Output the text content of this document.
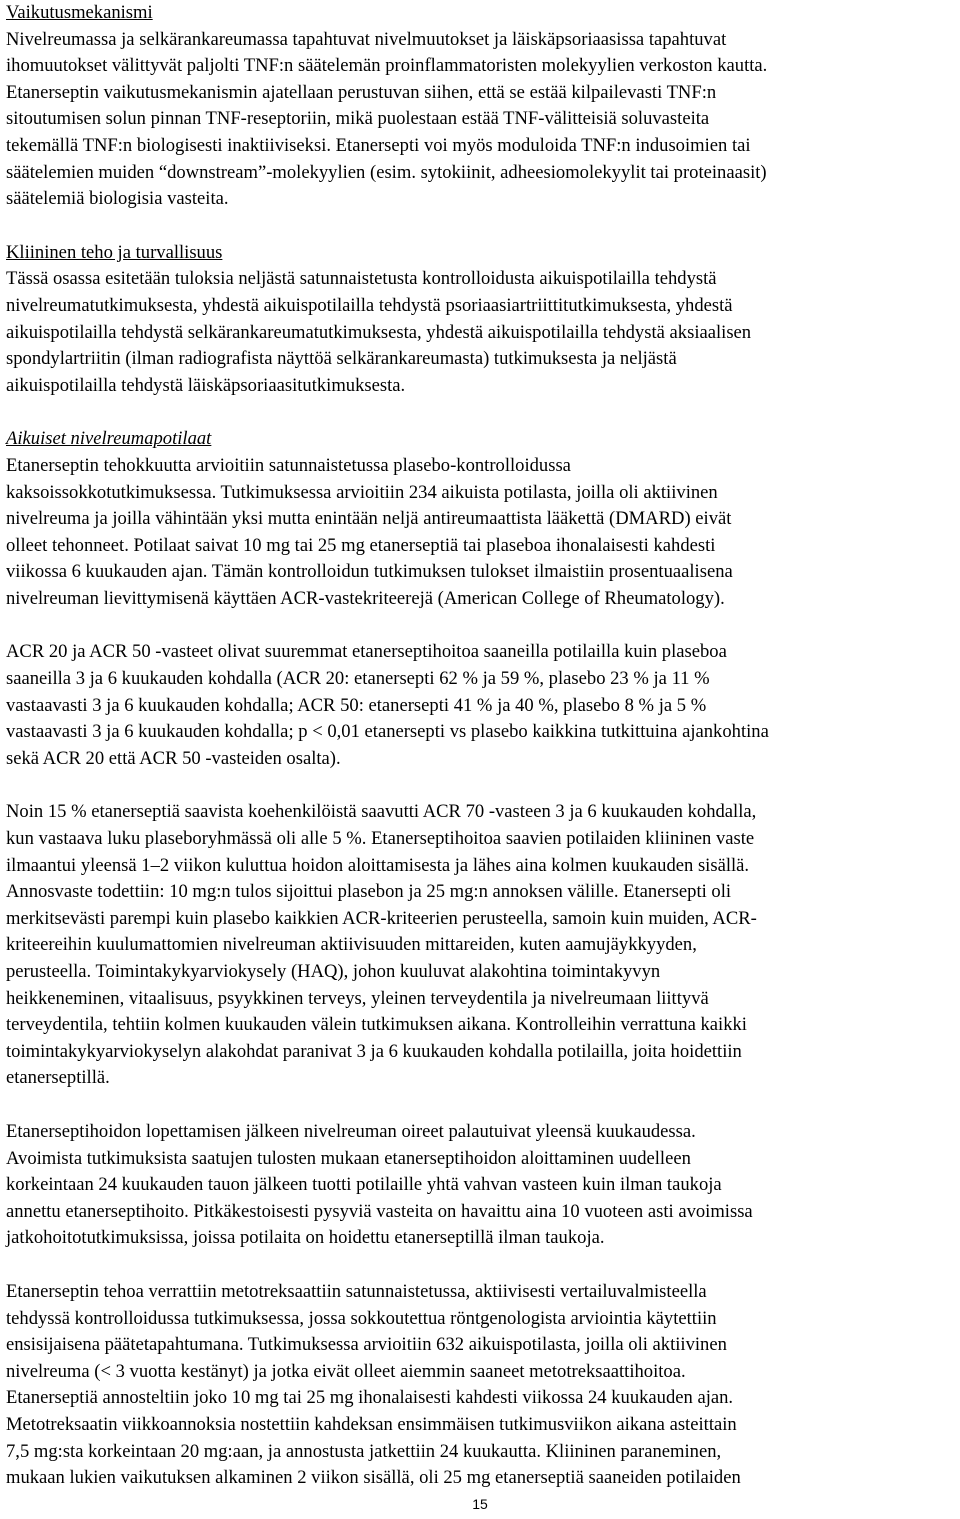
Vaikutusmekanismi

Nivelreumassa ja selkärankareumassa tapahtuvat nivelmuutokset ja läiskäpsoriaasissa tapahtuvat

ihomuutokset välittyvät paljolti TNF:n säätelemän proinflammatoristen molekyylien verkoston kautta.

Etanerseptin vaikutusmekanismin ajatellaan perustuvan siihen, että se estää kilpailevasti TNF:n

sitoutumisen solun pinnan TNF-reseptoriin, mikä puolestaan estää TNF-välitteisiä soluvasteita

tekemällä TNF:n biologisesti inaktiiviseksi. Etanersepti voi myös moduloida TNF:n indusoimien tai

säätelemien muiden “downstream”-molekyylien (esim. sytokiinit, adheesiomolekyylit tai proteinaasit)

säätelemiä biologisia vasteita.

Kliininen teho ja turvallisuus

Tässä osassa esitetään tuloksia neljästä satunnaistetusta kontrolloidusta aikuispotilailla tehdystä

nivelreumatutkimuksesta, yhdestä aikuispotilailla tehdystä psoriaasiartriittitutkimuksesta, yhdestä

aikuispotilailla tehdystä selkärankareumatutkimuksesta, yhdestä aikuispotilailla tehdystä aksiaalisen

spondylartriitin (ilman radiografista näyttöä selkärankareumasta) tutkimuksesta ja neljästä

aikuispotilailla tehdystä läiskäpsoriaasitutkimuksesta.

Aikuiset nivelreumapotilaat

Etanerseptin tehokkuutta arvioitiin satunnaistetussa plasebo-kontrolloidussa

kaksoissokkotutkimuksessa. Tutkimuksessa arvioitiin 234 aikuista potilasta, joilla oli aktiivinen

nivelreuma ja joilla vähintään yksi mutta enintään neljä antireumaattista lääkettä (DMARD) eivät

olleet tehonneet. Potilaat saivat 10 mg tai 25 mg etanerseptiä tai plaseboa ihonalaisesti kahdesti

viikossa 6 kuukauden ajan. Tämän kontrolloidun tutkimuksen tulokset ilmaistiin prosentuaalisena

nivelreuman lievittymisenä käyttäen ACR-vastekriteerejä (American College of Rheumatology).

ACR 20 ja ACR 50 -vasteet olivat suuremmat etanerseptihoitoa saaneilla potilailla kuin plaseboa

saaneilla 3 ja 6 kuukauden kohdalla (ACR 20: etanersepti 62 % ja 59 %, plasebo 23 % ja 11 %

vastaavasti 3 ja 6 kuukauden kohdalla; ACR 50: etanersepti 41 % ja 40 %, plasebo 8 % ja 5 %

vastaavasti 3 ja 6 kuukauden kohdalla; p < 0,01 etanersepti vs plasebo kaikkina tutkittuina ajankohtina

sekä ACR 20 että ACR 50 -vasteiden osalta).

Noin 15 % etanerseptiä saavista koehenkilöistä saavutti ACR 70 -vasteen 3 ja 6 kuukauden kohdalla,

kun vastaava luku plaseboryhmässä oli alle 5 %. Etanerseptihoitoa saavien potilaiden kliininen vaste

ilmaantui yleensä 1–2 viikon kuluttua hoidon aloittamisesta ja lähes aina kolmen kuukauden sisällä.

Annosvaste todettiin: 10 mg:n tulos sijoittui plasebon ja 25 mg:n annoksen välille. Etanersepti oli

merkitsevästi parempi kuin plasebo kaikkien ACR-kriteerien perusteella, samoin kuin muiden, ACR-

kriteereihin kuulumattomien nivelreuman aktiivisuuden mittareiden, kuten aamujäykkyyden,

perusteella. Toimintakykyarviokysely (HAQ), johon kuuluvat alakohtina toimintakyvyn

heikkeneminen, vitaalisuus, psyykkinen terveys, yleinen terveydentila ja nivelreumaan liittyvä

terveydentila, tehtiin kolmen kuukauden välein tutkimuksen aikana. Kontrolleihin verrattuna kaikki

toimintakykyarviokyselyn alakohdat paranivat 3 ja 6 kuukauden kohdalla potilailla, joita hoidettiin

etanerseptillä.

Etanerseptihoidon lopettamisen jälkeen nivelreuman oireet palautuivat yleensä kuukaudessa.

Avoimista tutkimuksista saatujen tulosten mukaan etanerseptihoidon aloittaminen uudelleen

korkeintaan 24 kuukauden tauon jälkeen tuotti potilaille yhtä vahvan vasteen kuin ilman taukoja

annettu etanerseptihoito. Pitkäkestoisesti pysyviä vasteita on havaittu aina 10 vuoteen asti avoimissa

jatkohoitotutkimuksissa, joissa potilaita on hoidettu etanerseptillä ilman taukoja.

Etanerseptin tehoa verrattiin metotreksaattiin satunnaistetussa, aktiivisesti vertailuvalmisteella

tehdyssä kontrolloidussa tutkimuksessa, jossa sokkoutettua röntgenologista arviointia käytettiin

ensisijaisena päätetapahtumana. Tutkimuksessa arvioitiin 632 aikuispotilasta, joilla oli aktiivinen

nivelreuma (< 3 vuotta kestänyt) ja jotka eivät olleet aiemmin saaneet metotreksaattihoitoa.

Etanerseptiä annosteltiin joko 10 mg tai 25 mg ihonalaisesti kahdesti viikossa 24 kuukauden ajan.

Metotreksaatin viikkoannoksia nostettiin kahdeksan ensimmäisen tutkimusviikon aikana asteittain

7,5 mg:sta korkeintaan 20 mg:aan, ja annostusta jatkettiin 24 kuukautta. Kliininen paraneminen,

mukaan lukien vaikutuksen alkaminen 2 viikon sisällä, oli 25 mg etanerseptiä saaneiden potilaiden

15
